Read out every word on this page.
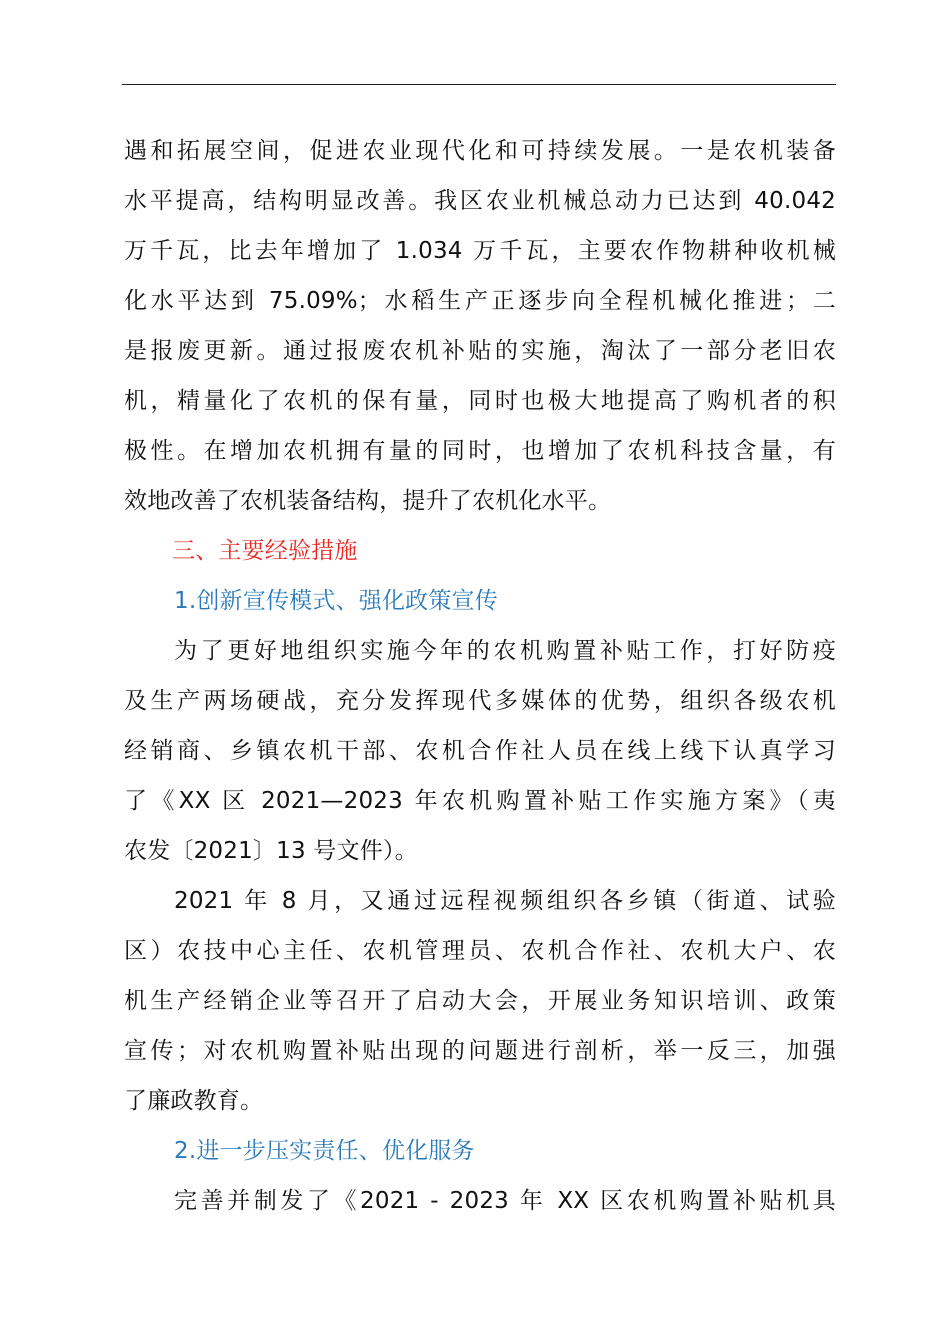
遇和拓展空间，促进农业现代化和可持续发展。一是农机装备
水平提高，结构明显改善。我区农业机械总动力已达到 40.042
万千瓦，比去年增加了 1.034 万千瓦，主要农作物耕种收机械
化水平达到 75.09%；水稻生产正逐步向全程机械化推进；二
是报废更新。通过报废农机补贴的实施，淘汰了一部分老旧农
机，精量化了农机的保有量，同时也极大地提高了购机者的积
极性。在增加农机拥有量的同时，也增加了农机科技含量，有
效地改善了农机装备结构，提升了农机化水平。
三、主要经验措施
1.创新宣传模式、强化政策宣传
为了更好地组织实施今年的农机购置补贴工作，打好防疫
及生产两场硬战，充分发挥现代多媒体的优势，组织各级农机
经销商、乡镇农机干部、农机合作社人员在线上线下认真学习
了《XX 区 2021—2023 年农机购置补贴工作实施方案》（夷
农发〔2021〕13 号文件）。
2021 年 8 月，又通过远程视频组织各乡镇（街道、试验
区）农技中心主任、农机管理员、农机合作社、农机大户、农
机生产经销企业等召开了启动大会，开展业务知识培训、政策
宣传；对农机购置补贴出现的问题进行剖析，举一反三，加强
了廉政教育。
2.进一步压实责任、优化服务
完善并制发了《2021 - 2023 年 XX 区农机购置补贴机具
